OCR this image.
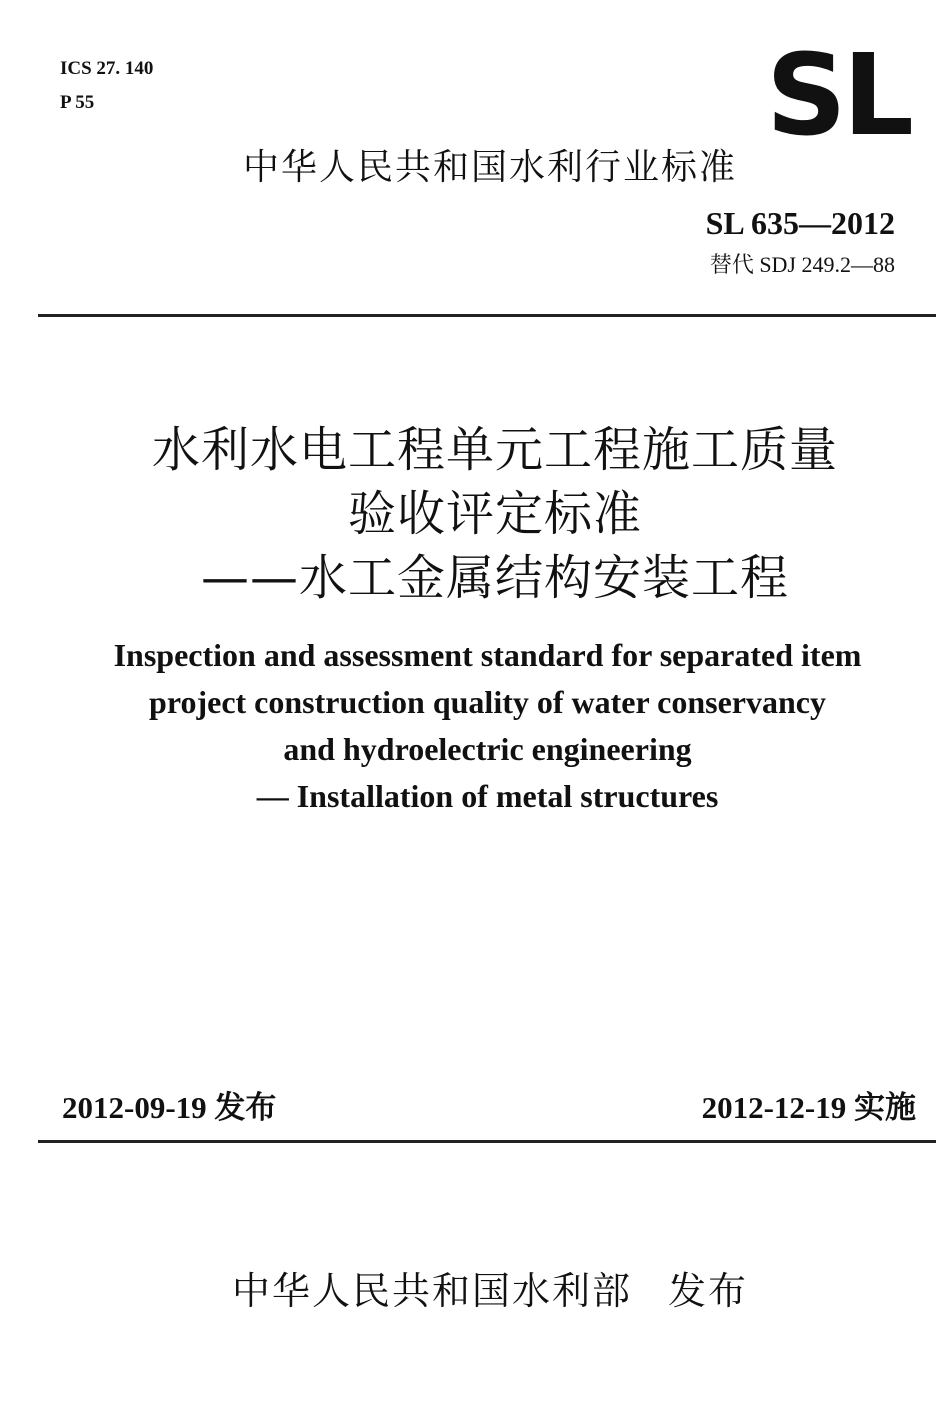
ICS 27. 140
P 55	SL
中华人民共和国水利行业标准
SL 635—2012
替代 SDJ 249.2—88
水利水电工程单元工程施工质量
验收评定标准
——水工金属结构安装工程
Inspection and assessment standard for separated item
project construction quality of water conservancy
and hydroelectric engineering
— Installation of metal structures
2012-09-19 发布	2012-12-19 实施
中华人民共和国水利部 发布
